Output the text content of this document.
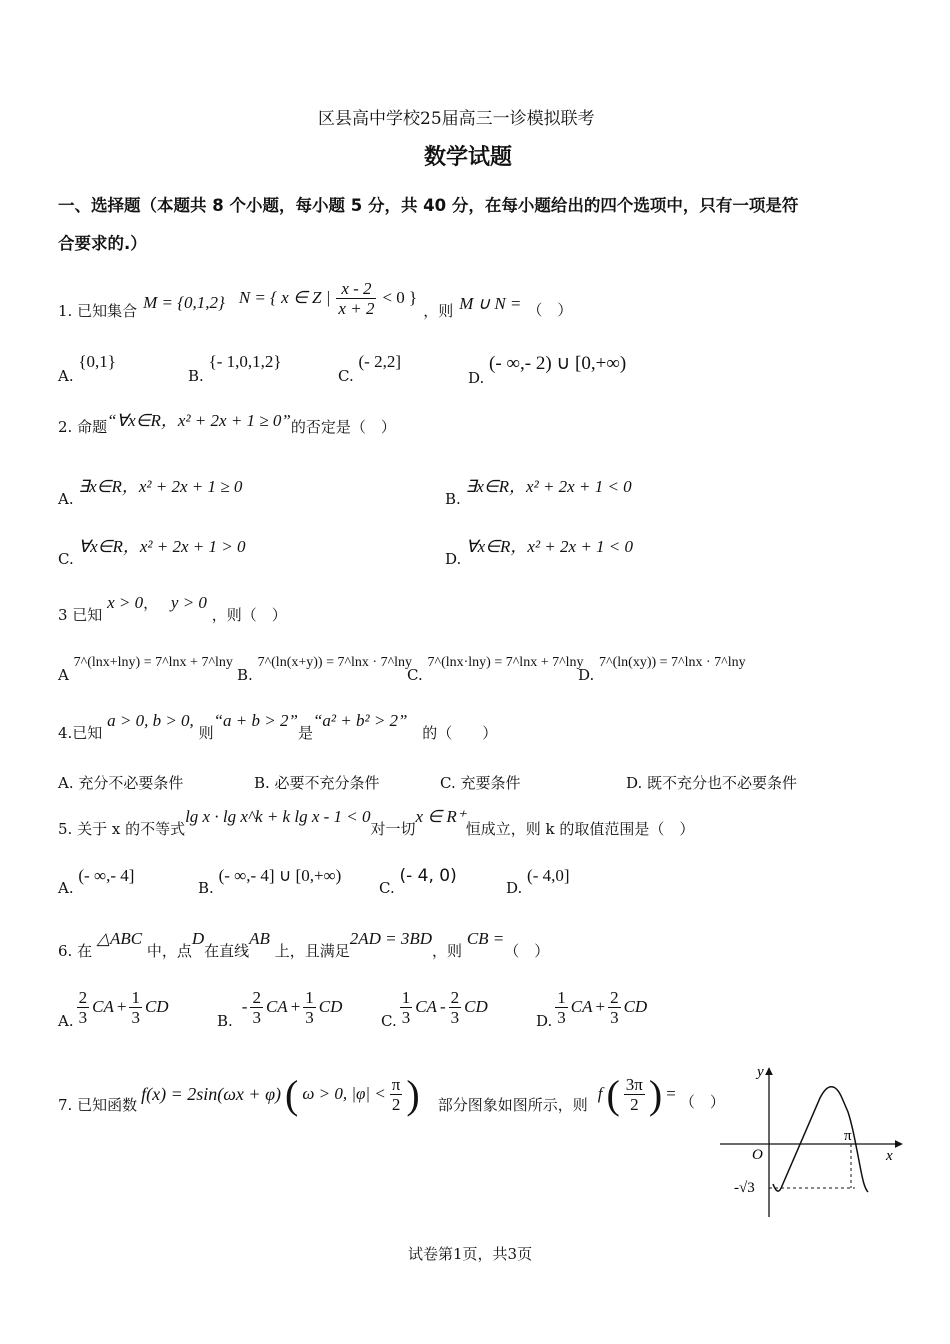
区县高中学校25届高三一诊模拟联考
数学试题
一、选择题（本题共 8 个小题，每小题 5 分，共 40 分，在每小题给出的四个选项中，只有一项是符
合要求的.）
1. 已知集合 M = {0,1,2} N = { x ∈ Z | $\frac{x - 2}{x + 2} < 0$ }
，则 M ∪ N = （　）
A. {0,1}
B. {- 1,0,1,2}
C. (- 2,2]
D. (- ∞,- 2) ∪ [0,+∞)
2. 命题“∀x∈R，x² + 2x + 1 ≥ 0”的否定是（　）
A. ∃x∈R，x² + 2x + 1 ≥ 0
B. ∃x∈R，x² + 2x + 1 < 0
C. ∀x∈R，x² + 2x + 1 > 0
D. ∀x∈R，x² + 2x + 1 < 0
3 已知 x > 0， y > 0 ，则（　）
A 7^(lnx+lny) = 7^lnx + 7^lny
B. 7^(ln(x+y)) = 7^lnx · 7^lny
C. 7^(lnx·lny) = 7^lnx + 7^lny
D. 7^(ln(xy)) = 7^lnx · 7^lny
4.已知 a > 0, b > 0, 则“a + b > 2”是“a² + b² > 2” 的（　　）
A. 充分不必要条件	B. 必要不充分条件	C. 充要条件	D. 既不充分也不必要条件
5. 关于 x 的不等式lg x · lg x^k + k lg x - 1 < 0对一切x ∈ R⁺恒成立，则 k 的取值范围是（　）
A. (- ∞,- 4]
B. (- ∞,- 4] ∪ [0,+∞)
C. (- 4, 0)
D. (- 4,0]
6. 在 △ABC 中，点D在直线AB 上，且满足2AD = 3BD，则 CB =（　）
A. $\frac{2}{3}$ CA + $\frac{1}{3}$ CD
B.
- $\frac{2}{3}$ CA + $\frac{1}{3}$ CD
C. $\frac{1}{3}$ CA - $\frac{2}{3}$ CD
D. $\frac{1}{3}$ CA + $\frac{2}{3}$ CD
7. 已知函数
f(x) = 2sin(ωx + φ) ( ω > 0, $|\varphi| < \frac{\pi}{2}$ ) 部分图象如图所示，则
f ( $\frac{3\pi}{2}$ ) = （　）
y
x
O
π
-√3
试卷第1页，共3页
